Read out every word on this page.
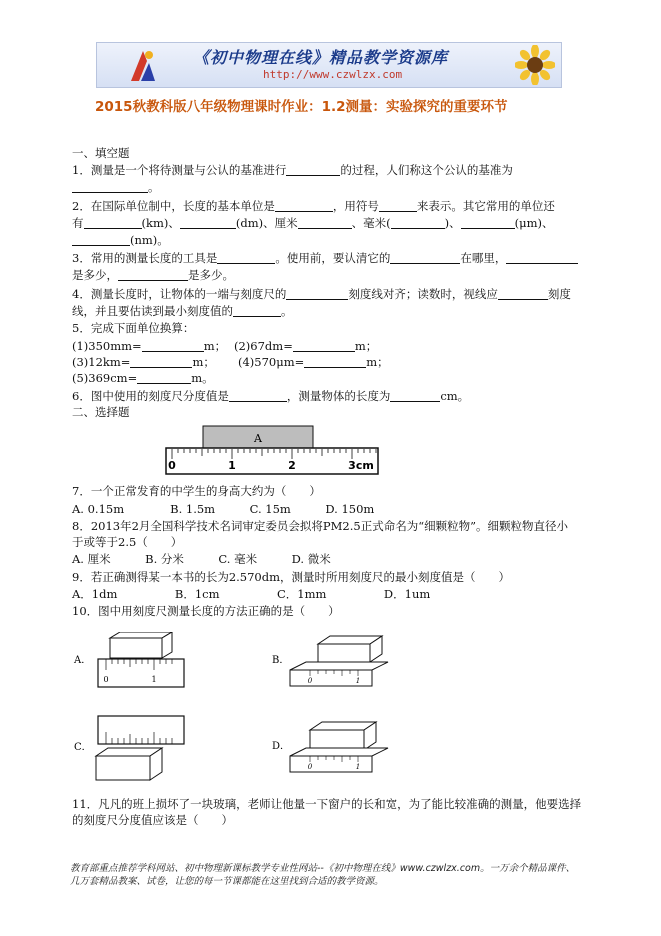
《初中物理在线》精品教学资源库
http://www.czwlzx.com
2015秋教科版八年级物理课时作业：1.2测量：实验探究的重要环节
一、填空题
1．测量是一个将待测量与公认的基准进行	的过程，人们称这个公认的基准为
。
2．在国际单位制中，长度的基本单位是	，用符号	来表示。其它常用的单位还
有	(km)、	(dm)、厘米	、毫米(	)、	(μm)、
(nm)。
3．常用的测量长度的工具是	。使用前，要认清它的	在哪里，
是多少，	是多少。
4．测量长度时，让物体的一端与刻度尺的	刻度线对齐；读数时，视线应	刻度
线，并且要估读到最小刻度值的	。
5．完成下面单位换算：
(1)350mm=	m； (2)67dm=	m；
(3)12km=	m； (4)570μm=	m；
(5)369cm=	m。
6．图中使用的刻度尺分度值是	，测量物体的长度为	cm。
二、选择题
A
0	1	2	3cm
7．一个正常发育的中学生的身高大约为（　　）
A. 0.15m　　　　B. 1.5m　　　C. 15m　　　D. 150m
8．2013年2月全国科学技术名词审定委员会拟将PM2.5正式命名为“细颗粒物”。细颗粒物直径小
于或等于2.5（　　）
A. 厘米　　　B. 分米　　　C. 毫米　　　D. 微米
9．若正确测得某一本书的长为2.570dm，测量时所用刻度尺的最小刻度值是（　　）
A．1dm　　　　　B．1cm　　　　　C．1mm　　　　　D．1um
10．图中用刻度尺测量长度的方法正确的是（　　）
A．
0	1
B．
0	1
C．	D．
0	1
11．凡凡的班上损坏了一块玻璃，老师让他量一下窗户的长和宽，为了能比较准确的测量，他要选择
的刻度尺分度值应该是（　　）
教育部重点推荐学科网站、初中物理新课标教学专业性网站--《初中物理在线》www.czwlzx.com。一万余个精品课件、
几万套精品教案、试卷，让您的每一节课都能在这里找到合适的教学资源。
